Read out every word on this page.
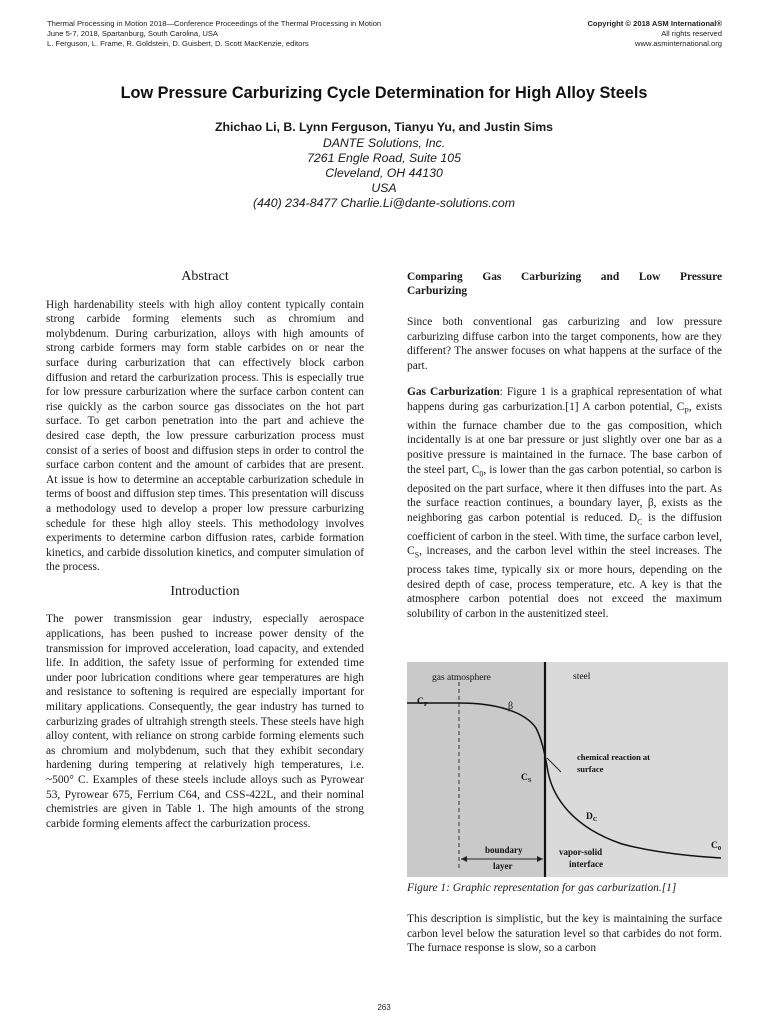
Thermal Processing in Motion 2018—Conference Proceedings of the Thermal Processing in Motion
June 5-7, 2018, Spartanburg, South Carolina, USA
L. Ferguson, L. Frame, R. Goldstein, D. Guisbert, D. Scott MacKenzie, editors
Copyright © 2018 ASM International®
All rights reserved
www.asminternational.org
Low Pressure Carburizing Cycle Determination for High Alloy Steels
Zhichao Li, B. Lynn Ferguson, Tianyu Yu, and Justin Sims
DANTE Solutions, Inc.
7261 Engle Road, Suite 105
Cleveland, OH 44130
USA
(440) 234-8477 Charlie.Li@dante-solutions.com
Abstract

High hardenability steels with high alloy content typically contain strong carbide forming elements such as chromium and molybdenum. During carburization, alloys with high amounts of strong carbide formers may form stable carbides on or near the surface during carburization that can effectively block carbon diffusion and retard the carburization process. This is especially true for low pressure carburization where the surface carbon content can rise quickly as the carbon source gas dissociates on the hot part surface. To get carbon penetration into the part and achieve the desired case depth, the low pressure carburization process must consist of a series of boost and diffusion steps in order to control the surface carbon content and the amount of carbides that are present. At issue is how to determine an acceptable carburization schedule in terms of boost and diffusion step times. This presentation will discuss a methodology used to develop a proper low pressure carburizing schedule for these high alloy steels. This methodology involves experiments to determine carbon diffusion rates, carbide formation kinetics, and carbide dissolution kinetics, and computer simulation of the process.

Introduction

The power transmission gear industry, especially aerospace applications, has been pushed to increase power density of the transmission for improved acceleration, load capacity, and extended life. In addition, the safety issue of performing for extended time under poor lubrication conditions where gear temperatures are high and resistance to softening is required are especially important for military applications. Consequently, the gear industry has turned to carburizing grades of ultrahigh strength steels. These steels have high alloy content, with reliance on strong carbide forming elements such as chromium and molybdenum, such that they exhibit secondary hardening during tempering at relatively high temperatures, i.e. ~500° C. Examples of these steels include alloys such as Pyrowear 53, Pyrowear 675, Ferrium C64, and CSS-422L, and their nominal chemistries are given in Table 1. The high amounts of the strong carbide forming elements affect the carburization process.

Comparing Gas Carburizing and Low Pressure

Carburizing

Since both conventional gas carburizing and low pressure carburizing diffuse carbon into the target components, how are they different? The answer focuses on what happens at the surface of the part.

Gas Carburization: Figure 1 is a graphical representation of what happens during gas carburization.[1] A carbon potential, $C_P$, exists within the furnace chamber due to the gas composition, which incidentally is at one bar pressure or just slightly over one bar as a positive pressure is maintained in the furnace. The base carbon of the steel part, $C_0$, is lower than the gas carbon potential, so carbon is deposited on the part surface, where it then diffuses into the part. As the surface reaction continues, a boundary layer, β, exists as the neighboring gas carbon potential is reduced. $D_C$ is the diffusion coefficient of carbon in the steel. With time, the surface carbon level, $C_S$, increases, and the carbon level within the steel increases. The process takes time, typically six or more hours, depending on the desired depth of case, process temperature, etc. A key is that the atmosphere carbon potential does not exceed the maximum solubility of carbon in the austenitized steel.

gas atmosphere	steel
$C_P$	β
chemical reaction at
surface
$C_S$
$D_C$
$C_0$
boundary
layer
vapor-solid
interface
Figure 1: Graphic representation for gas carburization.[1]

This description is simplistic, but the key is maintaining the surface carbon level below the saturation level so that carbides do not form. The furnace response is slow, so a carbon

263
